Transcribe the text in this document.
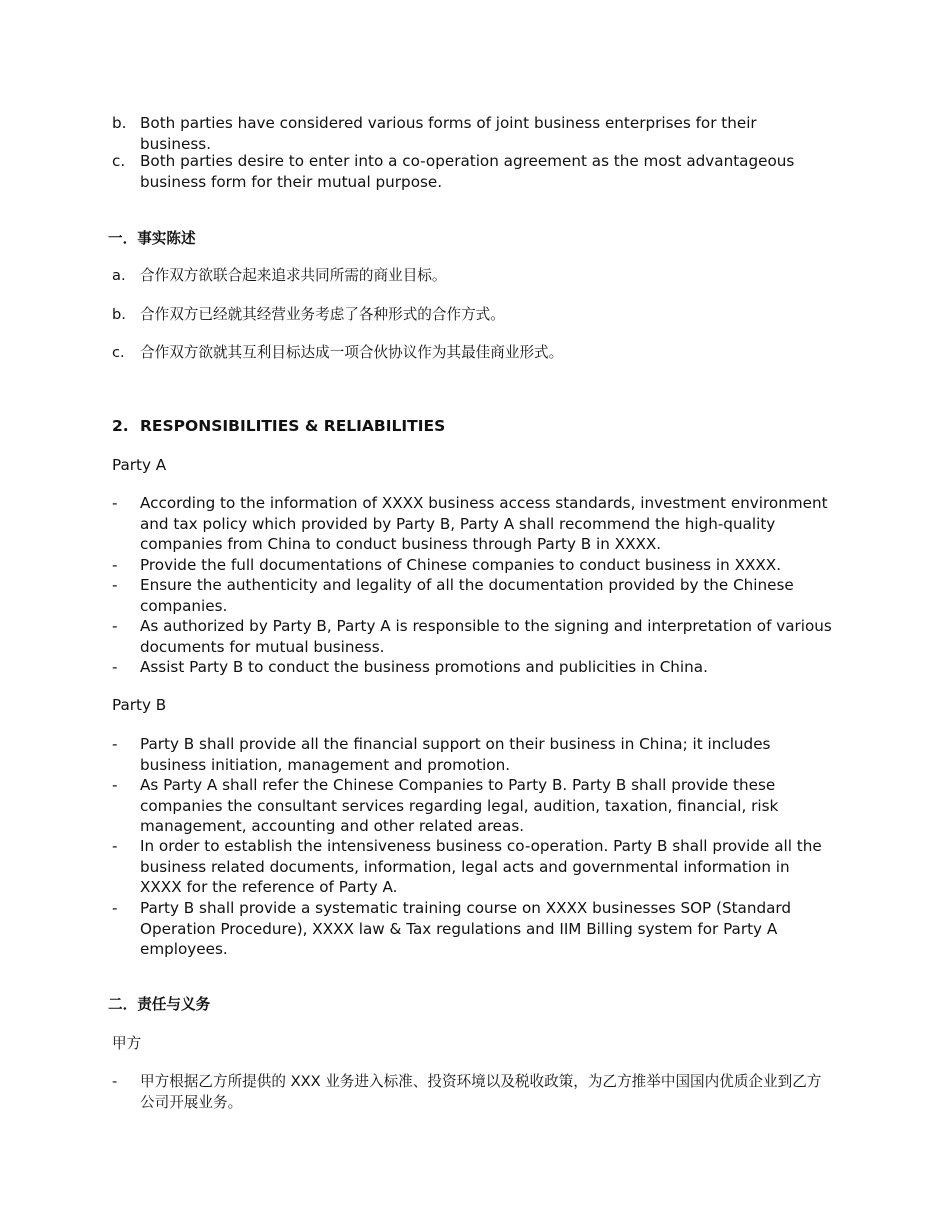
b. Both parties have considered various forms of joint business enterprises for their business.
c. Both parties desire to enter into a co-operation agreement as the most advantageous business form for their mutual purpose.
一．事实陈述
a. 合作双方欲联合起来追求共同所需的商业目标。
b. 合作双方已经就其经营业务考虑了各种形式的合作方式。
c. 合作双方欲就其互利目标达成一项合伙协议作为其最佳商业形式。
2. RESPONSIBILITIES & RELIABILITIES
Party A
- According to the information of XXXX business access standards, investment environment and tax policy which provided by Party B, Party A shall recommend the high-quality companies from China to conduct business through Party B in XXXX.
- Provide the full documentations of Chinese companies to conduct business in XXXX.
- Ensure the authenticity and legality of all the documentation provided by the Chinese companies.
- As authorized by Party B, Party A is responsible to the signing and interpretation of various documents for mutual business.
- Assist Party B to conduct the business promotions and publicities in China.
Party B
- Party B shall provide all the financial support on their business in China; it includes business initiation, management and promotion.
- As Party A shall refer the Chinese Companies to Party B. Party B shall provide these companies the consultant services regarding legal, audition, taxation, financial, risk management, accounting and other related areas.
- In order to establish the intensiveness business co-operation. Party B shall provide all the business related documents, information, legal acts and governmental information in XXXX for the reference of Party A.
- Party B shall provide a systematic training course on XXXX businesses SOP (Standard Operation Procedure), XXXX law & Tax regulations and IIM Billing system for Party A employees.
二．责任与义务
甲方
- 甲方根据乙方所提供的 XXX 业务进入标准、投资环境以及税收政策，为乙方推举中国国内优质企业到乙方公司开展业务。
